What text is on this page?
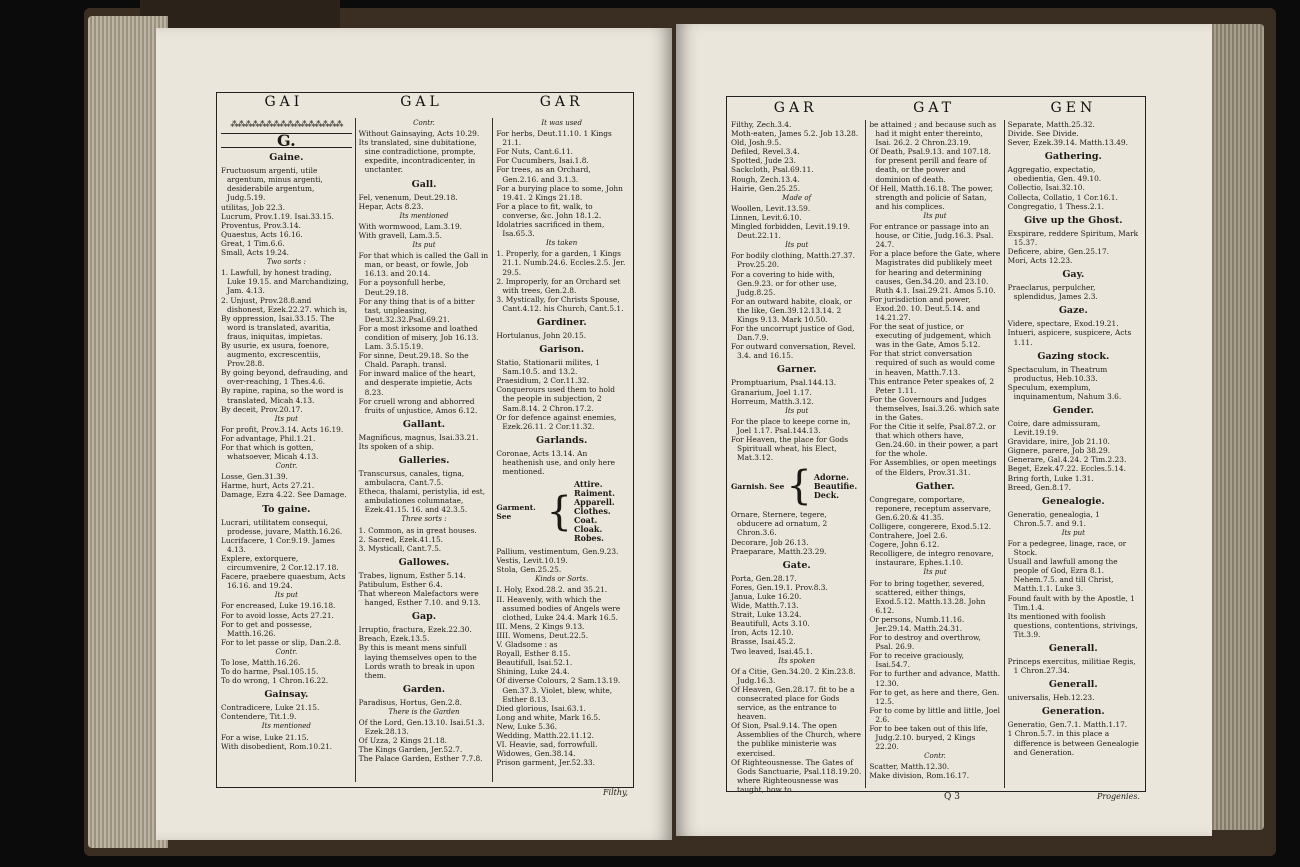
GAI	GAL	GAR
⁂⁂⁂⁂⁂⁂⁂⁂⁂⁂⁂⁂⁂⁂⁂⁂
G.
Gaine.
Fructuosum argenti, utile argentum, minus argenti, desiderabile argentum, Judg.5.19.
utilitas, Job 22.3.
Lucrum, Prov.1.19. Isai.33.15.
Proventus, Prov.3.14.
Quaestus, Acts 16.16.
Great, 1 Tim.6.6.
Small, Acts 19.24.
Two sorts :
1. Lawfull, by honest trading, Luke 19.15. and Marchandizing, Jam. 4.13.
2. Unjust, Prov.28.8.and dishonest, Ezek.22.27. which is,
By oppression, Isai.33.15. The word is translated, avaritia, fraus, iniquitas, impietas.
By usurie, ex usura, foenore, augmento, excrescentiis, Prov.28.8.
By going beyond, defrauding, and over-reaching, 1 Thes.4.6.
By rapine, rapina, so the word is translated, Micah 4.13.
By deceit, Prov.20.17.
Its put
For profit, Prov.3.14. Acts 16.19.
For advantage, Phil.1.21.
For that which is gotten, whatsoever, Micah 4.13.
Contr.
Losse, Gen.31.39.
Harme, hurt, Acts 27.21.
Damage, Ezra 4.22. See Damage.
To gaine.
Lucrari, utilitatem consequi, prodesse, juvare, Matth.16.26.
Lucrifacere, 1 Cor.9.19. James 4.13.
Explere, extorquere, circumvenire, 2 Cor.12.17.18.
Facere, praebere quaestum, Acts 16.16. and 19.24.
Its put
For encreased, Luke 19.16.18.
For to avoid losse, Acts 27.21.
For to get and possesse, Matth.16.26.
For to let passe or slip, Dan.2.8.
Contr.
To lose, Matth.16.26.
To do harme, Psal.105.15.
To do wrong, 1 Chron.16.22.
Gainsay.
Contradicere, Luke 21.15.
Contendere, Tit.1.9.
Its mentioned
For a wise, Luke 21.15.
With disobedient, Rom.10.21.
Contr.
Without Gainsaying, Acts 10.29.
Its translated, sine dubitatione, sine contradictione, prompte, expedite, incontradicenter, in unctanter.
Gall.
Fel, venenum, Deut.29.18.
Hepar, Acts 8.23.
Its mentioned
With wormwood, Lam.3.19.
With gravell, Lam.3.5.
Its put
For that which is called the Gall in man, or beast, or fowle, Job 16.13. and 20.14.
For a poysonfull herbe, Deut.29.18.
For any thing that is of a bitter tast, unpleasing, Deut.32.32.Psal.69.21.
For a most irksome and loathed condition of misery, Job 16.13. Lam. 3.5.15.19.
For sinne, Deut.29.18. So the Chald. Paraph. transl.
For inward malice of the heart, and desperate impietie, Acts 8.23.
For cruell wrong and abhorred fruits of unjustice, Amos 6.12.
Gallant.
Magnificus, magnus, Isai.33.21.
Its spoken of a ship.
Galleries.
Transcursus, canales, tigna, ambulacra, Cant.7.5.
Etheca, thalami, peristylia, id est, ambulationes columnatae, Ezek.41.15. 16. and 42.3.5.
Three sorts :
1. Common, as in great houses.
2. Sacred, Ezek.41.15.
3. Mysticall, Cant.7.5.
Gallowes.
Trabes, lignum, Esther 5.14.
Patibulum, Esther 6.4.
That whereon Malefactors were hanged, Esther 7.10. and 9.13.
Gap.
Irruptio, fractura, Ezek.22.30.
Breach, Ezek.13.5.
By this is meant mens sinfull laying themselves open to the Lords wrath to break in upon them.
Garden.
Paradisus, Hortus, Gen.2.8.
There is the Garden
Of the Lord, Gen.13.10. Isai.51.3. Ezek.28.13.
Of Uzza, 2 Kings 21.18.
The Kings Garden, Jer.52.7.
The Palace Garden, Esther 7.7.8.
It was used
For herbs, Deut.11.10. 1 Kings 21.1.
For Nuts, Cant.6.11.
For Cucumbers, Isai.1.8.
For trees, as an Orchard, Gen.2.16. and 3.1.3.
For a burying place to some, John 19.41. 2 Kings 21.18.
For a place to fit, walk, to converse, &c. John 18.1.2.
Idolatries sacrificed in them, Isa.65.3.
Its taken
1. Properly, for a garden, 1 Kings 21.1. Numb.24.6. Eccles.2.5. Jer. 29.5.
2. Improperly, for an Orchard set with trees, Gen.2.8.
3. Mystically, for Christs Spouse, Cant.4.12. his Church, Cant.5.1.
Gardiner.
Hortulanus, John 20.15.
Garison.
Statio, Stationarii milites, 1 Sam.10.5. and 13.2.
Praesidium, 2 Cor.11.32.
Conquerours used them to hold the people in subjection, 2 Sam.8.14. 2 Chron.17.2.
Or for defence against enemies, Ezek.26.11. 2 Cor.11.32.
Garlands.
Coronae, Acts 13.14. An heathenish use, and only here mentioned.
Garment. See {
Attire.
Raiment.
Apparell.
Clothes. Coat.
Cloak. Robes.
Pallium, vestimentum, Gen.9.23.
Vestis, Levit.10.19.
Stola, Gen.25.25.
Kinds or Sorts.
I. Holy, Exod.28.2. and 35.21.
II. Heavenly, with which the assumed bodies of Angels were clothed, Luke 24.4. Mark 16.5.
III. Mens, 2 Kings 9.13.
IIII. Womens, Deut.22.5.
V. Gladsome : as
Royall, Esther 8.15.
Beautifull, Isai.52.1.
Shining, Luke 24.4.
Of diverse Colours, 2 Sam.13.19. Gen.37.3. Violet, blew, white, Esther 8.13.
Died glorious, Isai.63.1.
Long and white, Mark 16.5.
New, Luke 5.36.
Wedding, Matth.22.11.12.
VI. Heavie, sad, forrowfull.
Widowes, Gen.38.14.
Prison garment, Jer.52.33.
Filthy,
GAR	GAT	GEN
Filthy, Zech.3.4.
Moth-eaten, James 5.2. Job 13.28.
Old, Josh.9.5.
Defiled, Revel.3.4.
Spotted, Jude 23.
Sackcloth, Psal.69.11.
Rough, Zech.13.4.
Hairie, Gen.25.25.
Made of
Woollen, Levit.13.59.
Linnen, Levit.6.10.
Mingled forbidden, Levit.19.19. Deut.22.11.
Its put
For bodily clothing, Matth.27.37. Prov.25.20.
For a covering to hide with, Gen.9.23. or for other use, Judg.8.25.
For an outward habite, cloak, or the like, Gen.39.12.13.14. 2 Kings 9.13. Mark 10.50.
For the uncorrupt justice of God, Dan.7.9.
For outward conversation, Revel. 3.4. and 16.15.
Garner.
Promptuarium, Psal.144.13.
Granarium, Joel 1.17.
Horreum, Matth.3.12.
Its put
For the place to keepe corne in, Joel 1.17. Psal.144.13.
For Heaven, the place for Gods Spirituall wheat, his Elect, Mat.3.12.
Garnish. See { Adorne.
Beautifie.
Deck.
Ornare, Sternere, tegere, obducere ad ornatum, 2 Chron.3.6.
Decorare, Job 26.13.
Praeparare, Matth.23.29.
Gate.
Porta, Gen.28.17.
Fores, Gen.19.1. Prov.8.3.
Janua, Luke 16.20.
Wide, Matth.7.13.
Strait, Luke 13.24.
Beautifull, Acts 3.10.
Iron, Acts 12.10.
Brasse, Isai.45.2.
Two leaved, Isai.45.1.
Its spoken
Of a Citie, Gen.34.20. 2 Kin.23.8. Judg.16.3.
Of Heaven, Gen.28.17. fit to be a consecrated place for Gods service, as the entrance to heaven.
Of Sion, Psal.9.14. The open Assemblies of the Church, where the publike ministerie was exercised.
Of Righteousnesse. The Gates of Gods Sanctuarie, Psal.118.19.20. where Righteousnesse was taught, how to
be attained ; and because such as had it might enter thereinto, Isai. 26.2. 2 Chron.23.19.
Of Death, Psal.9.13. and 107.18. for present perill and feare of death, or the power and dominion of death.
Of Hell, Matth.16.18. The power, strength and policie of Satan, and his complices.
Its put
For entrance or passage into an house, or Citie, Judg.16.3. Psal. 24.7.
For a place before the Gate, where Magistrates did publikely meet for hearing and determining causes, Gen.34.20. and 23.10. Ruth 4.1. Isai.29.21. Amos 5.10.
For jurisdiction and power, Exod.20. 10. Deut.5.14. and 14.21.27.
For the seat of justice, or executing of judgement, which was in the Gate, Amos 5.12.
For that strict conversation required of such as would come in heaven, Matth.7.13.
This entrance Peter speakes of, 2 Peter 1.11.
For the Governours and Judges themselves, Isai.3.26. which sate in the Gates.
For the Citie it selfe, Psal.87.2. or that which others have, Gen.24.60. in their power, a part for the whole.
For Assemblies, or open meetings of the Elders, Prov.31.31.
Gather.
Congregare, comportare, reponere, receptum asservare, Gen.6.20.& 41.35.
Colligere, congerere, Exod.5.12.
Contrahere, Joel 2.6.
Cogere, John 6.12.
Recolligere, de integro renovare, instaurare, Ephes.1.10.
Its put
For to bring together, severed, scattered, either things, Exod.5.12. Matth.13.28. John 6.12.
Or persons, Numb.11.16. Jer.29.14. Matth.24.31.
For to destroy and overthrow, Psal. 26.9.
For to receive graciously, Isai.54.7.
For to further and advance, Matth. 12.30.
For to get, as here and there, Gen. 12.5.
For to come by little and little, Joel 2.6.
For to bee taken out of this life, Judg.2.10. buryed, 2 Kings 22.20.
Contr.
Scatter, Matth.12.30.
Make division, Rom.16.17.
Separate, Matth.25.32.
Divide. See Divide.
Sever, Ezek.39.14. Matth.13.49.
Gathering.
Aggregatio, expectatio, obedientia, Gen. 49.10.
Collectio, Isai.32.10.
Collecta, Collatio, 1 Cor.16.1.
Congregatio, 1 Thess.2.1.
Give up the Ghost.
Exspirare, reddere Spiritum, Mark 15.37.
Deficere, abire, Gen.25.17.
Mori, Acts 12.23.
Gay.
Praeclarus, perpulcher, splendidus, James 2.3.
Gaze.
Videre, spectare, Exod.19.21.
Intueri, aspicere, suspicere, Acts 1.11.
Gazing stock.
Spectaculum, in Theatrum productus, Heb.10.33.
Speculum, exemplum, inquinamentum, Nahum 3.6.
Gender.
Coire, dare admissuram, Levit.19.19.
Gravidare, inire, Job 21.10.
Gignere, parere, Job 38.29.
Generare, Gal.4.24. 2 Tim.2.23.
Beget, Ezek.47.22. Eccles.5.14.
Bring forth, Luke 1.31.
Breed, Gen.8.17.
Genealogie.
Generatio, genealogia, 1 Chron.5.7. and 9.1.
Its put
For a pedegree, linage, race, or Stock.
Usuall and lawfull among the people of God, Ezra 8.1. Nehem.7.5. and till Christ, Matth.1.1. Luke 3.
Found fault with by the Apostle, 1 Tim.1.4.
Its mentioned with foolish questions, contentions, strivings, Tit.3.9.
Generall.
Princeps exercitus, militiae Regis, 1 Chron.27.34.
Generall.
universalis, Heb.12.23.
Generation.
Generatio, Gen.7.1. Matth.1.17.
1 Chron.5.7. in this place a difference is between Genealogie and Generation.
Q 3	Progenies.
